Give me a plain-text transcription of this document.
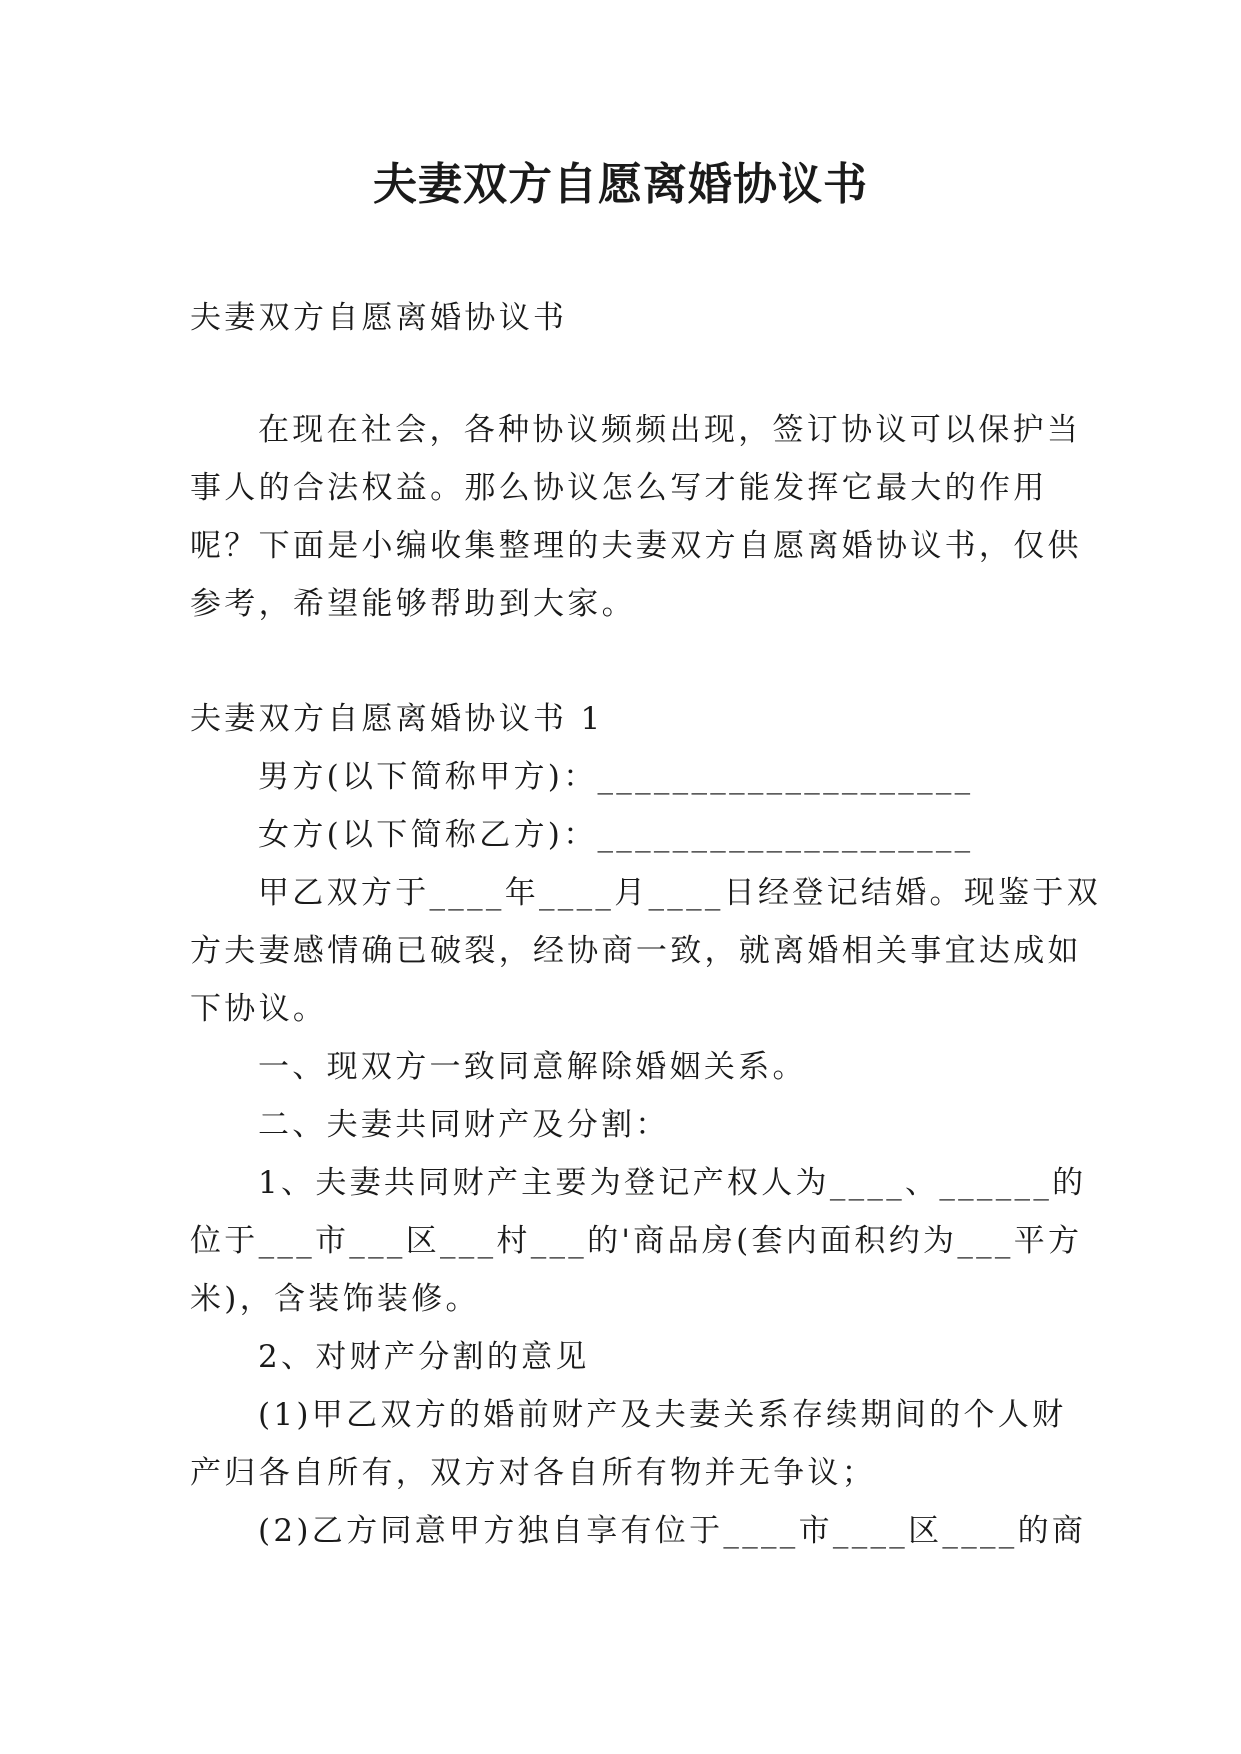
夫妻双方自愿离婚协议书

夫妻双方自愿离婚协议书

在现在社会，各种协议频频出现，签订协议可以保护当

事人的合法权益。那么协议怎么写才能发挥它最大的作用

呢？下面是小编收集整理的夫妻双方自愿离婚协议书，仅供

参考，希望能够帮助到大家。

夫妻双方自愿离婚协议书 1

男方(以下简称甲方)：____________________

女方(以下简称乙方)：____________________

甲乙双方于____年____月____日经登记结婚。现鉴于双

方夫妻感情确已破裂，经协商一致，就离婚相关事宜达成如

下协议。

一、现双方一致同意解除婚姻关系。

二、夫妻共同财产及分割：

1、夫妻共同财产主要为登记产权人为____、______的

位于___市___区___村___的'商品房(套内面积约为___平方

米)，含装饰装修。

2、对财产分割的意见

(1)甲乙双方的婚前财产及夫妻关系存续期间的个人财

产归各自所有，双方对各自所有物并无争议；

(2)乙方同意甲方独自享有位于____市____区____的商
